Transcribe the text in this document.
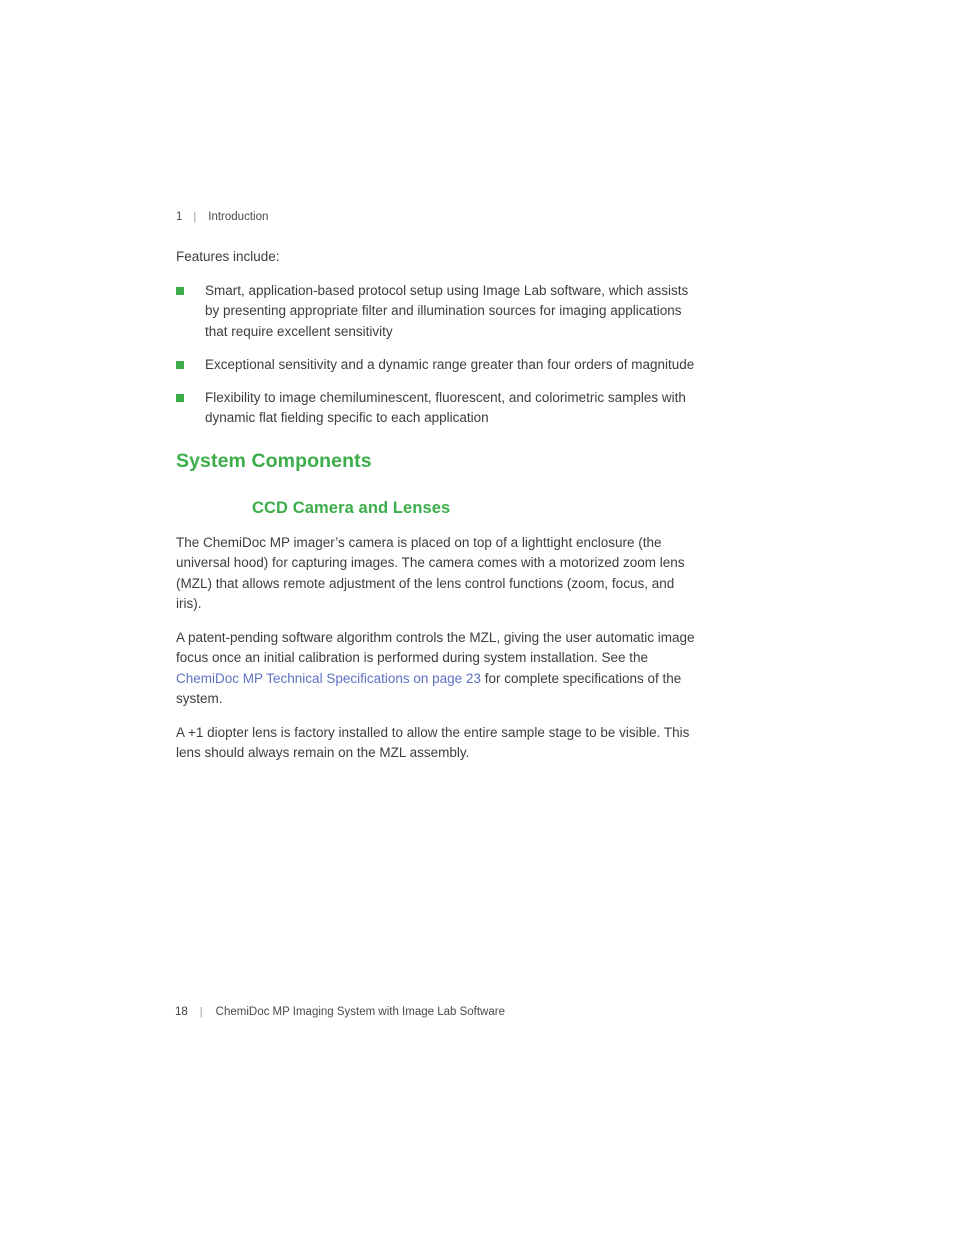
1 | Introduction

Features include:

Smart, application-based protocol setup using Image Lab software, which assists by presenting appropriate filter and illumination sources for imaging applications that require excellent sensitivity
Exceptional sensitivity and a dynamic range greater than four orders of magnitude
Flexibility to image chemiluminescent, fluorescent, and colorimetric samples with dynamic flat fielding specific to each application
System Components
CCD Camera and Lenses

The ChemiDoc MP imager’s camera is placed on top of a lighttight enclosure (the universal hood) for capturing images. The camera comes with a motorized zoom lens (MZL) that allows remote adjustment of the lens control functions (zoom, focus, and iris).

A patent-pending software algorithm controls the MZL, giving the user automatic image focus once an initial calibration is performed during system installation. See the ChemiDoc MP Technical Specifications on page 23 for complete specifications of the system.

A +1 diopter lens is factory installed to allow the entire sample stage to be visible. This lens should always remain on the MZL assembly.

18 | ChemiDoc MP Imaging System with Image Lab Software
